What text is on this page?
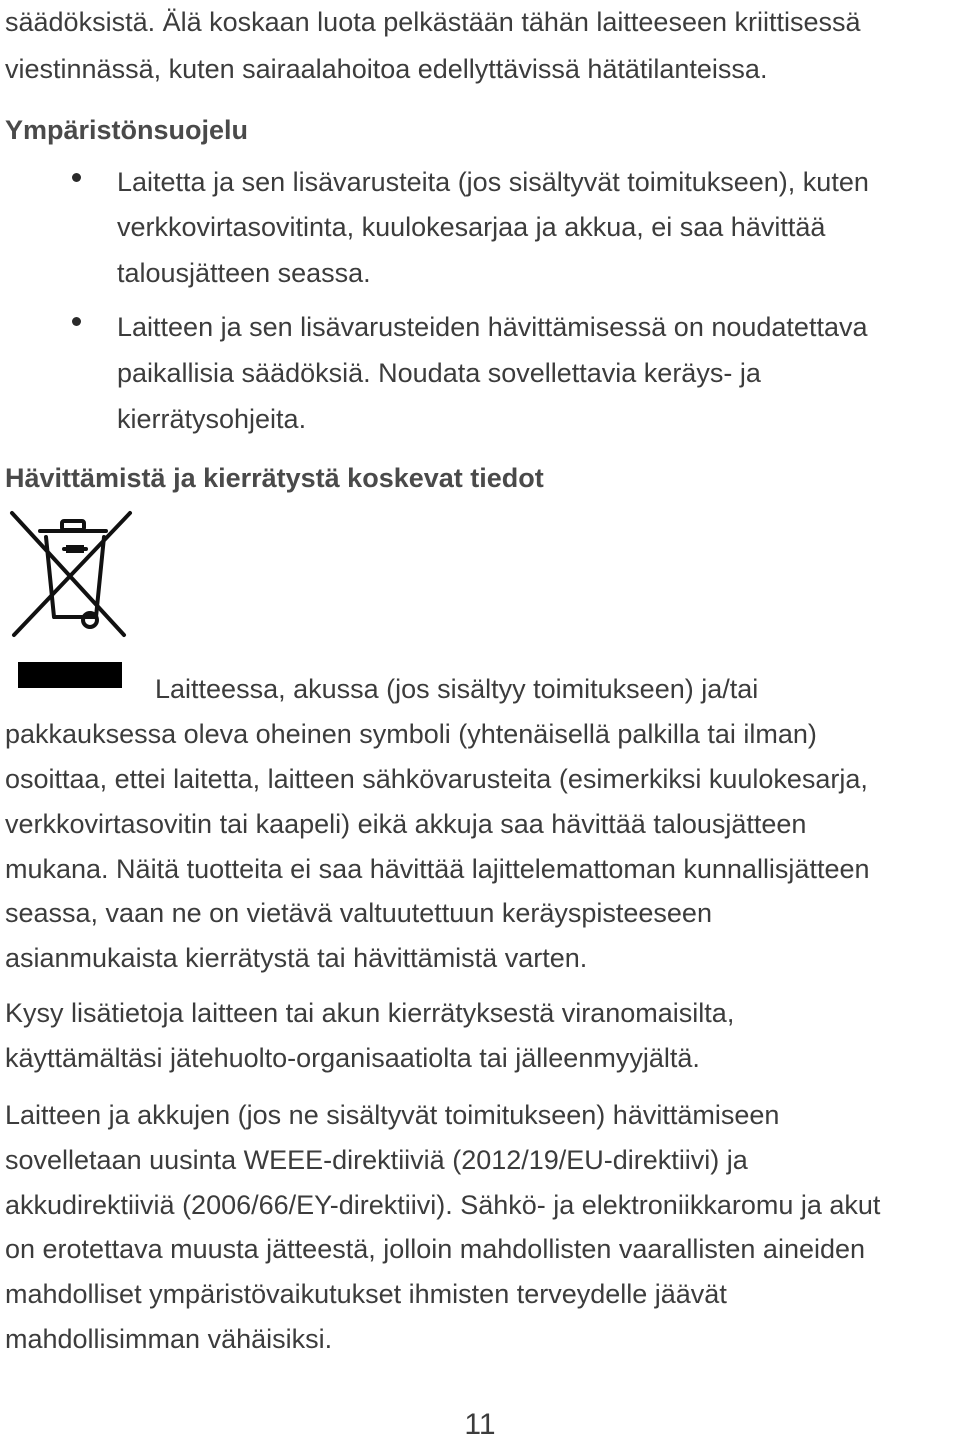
säädöksistä. Älä koskaan luota pelkästään tähän laitteeseen kriittisessä
viestinnässä, kuten sairaalahoitoa edellyttävissä hätätilanteissa.
Ympäristönsuojelu
Laitetta ja sen lisävarusteita (jos sisältyvät toimitukseen), kuten
verkkovirtasovitinta, kuulokesarjaa ja akkua, ei saa hävittää
talousjätteen seassa.
Laitteen ja sen lisävarusteiden hävittämisessä on noudatettava
paikallisia säädöksiä. Noudata sovellettavia keräys- ja
kierrätysohjeita.
Hävittämistä ja kierrätystä koskevat tiedot
Laitteessa, akussa (jos sisältyy toimitukseen) ja/tai
pakkauksessa oleva oheinen symboli (yhtenäisellä palkilla tai ilman)
osoittaa, ettei laitetta, laitteen sähkövarusteita (esimerkiksi kuulokesarja,
verkkovirtasovitin tai kaapeli) eikä akkuja saa hävittää talousjätteen
mukana. Näitä tuotteita ei saa hävittää lajittelemattoman kunnallisjätteen
seassa, vaan ne on vietävä valtuutettuun keräyspisteeseen
asianmukaista kierrätystä tai hävittämistä varten.
Kysy lisätietoja laitteen tai akun kierrätyksestä viranomaisilta,
käyttämältäsi jätehuolto-organisaatiolta tai jälleenmyyjältä.
Laitteen ja akkujen (jos ne sisältyvät toimitukseen) hävittämiseen
sovelletaan uusinta WEEE-direktiiviä (2012/19/EU-direktiivi) ja
akkudirektiiviä (2006/66/EY-direktiivi). Sähkö- ja elektroniikkaromu ja akut
on erotettava muusta jätteestä, jolloin mahdollisten vaarallisten aineiden
mahdolliset ympäristövaikutukset ihmisten terveydelle jäävät
mahdollisimman vähäisiksi.
11
